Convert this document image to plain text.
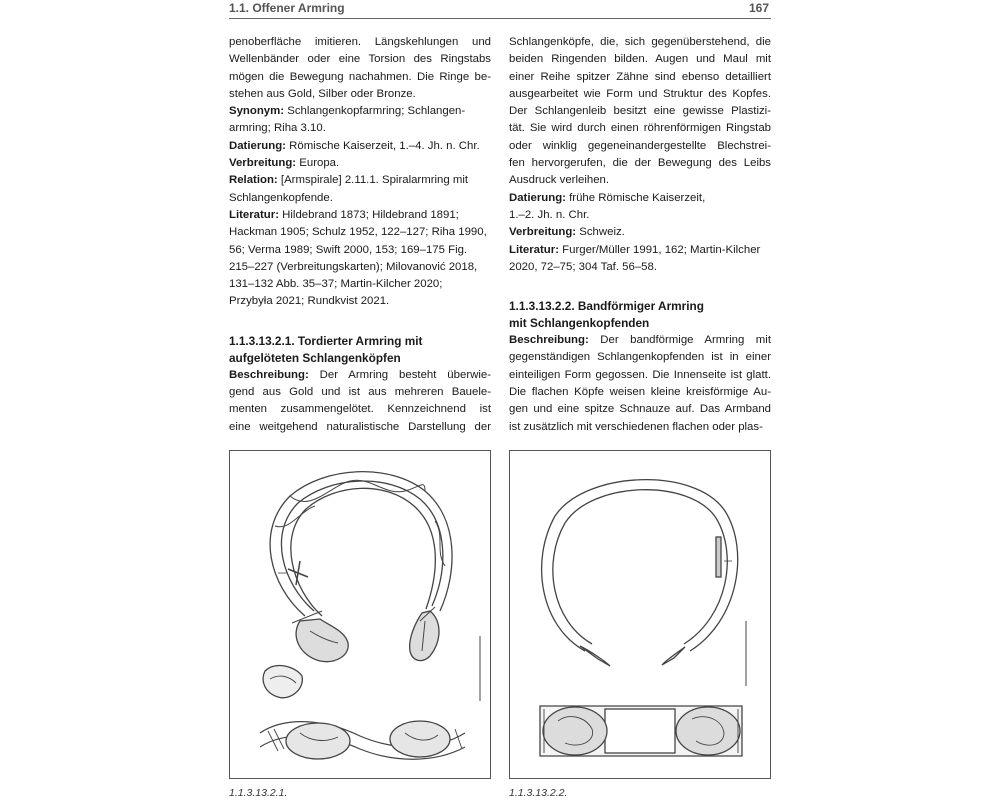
1.1. Offener Armring	167

penoberfläche imitieren. Längskehlungen und

Wellenbänder oder eine Torsion des Ringstabs

mögen die Bewegung nachahmen. Die Ringe be-

stehen aus Gold, Silber oder Bronze.

Synonym: Schlangenkopfarmring; Schlangen-

armring; Riha 3.10.

Datierung: Römische Kaiserzeit, 1.–4. Jh. n. Chr.

Verbreitung: Europa.

Relation: [Armspirale] 2.11.1. Spiralarmring mit

Schlangenkopfende.

Literatur: Hildebrand 1873; Hildebrand 1891;

Hackman 1905; Schulz 1952, 122–127; Riha 1990,

56; Verma 1989; Swift 2000, 153; 169–175 Fig.

215–227 (Verbreitungskarten); Milovanović 2018,

131–132 Abb. 35–37; Martin-Kilcher 2020;

Przybyła 2021; Rundkvist 2021.

1.1.3.13.2.1. Tordierter Armring mit

aufgelöteten Schlangenköpfen

Beschreibung: Der Armring besteht überwie-

gend aus Gold und ist aus mehreren Bauele-

menten zusammengelötet. Kennzeichnend ist

eine weitgehend naturalistische Darstellung der

Schlangenköpfe, die, sich gegenüberstehend, die

beiden Ringenden bilden. Augen und Maul mit

einer Reihe spitzer Zähne sind ebenso detailliert

ausgearbeitet wie Form und Struktur des Kopfes.

Der Schlangenleib besitzt eine gewisse Plastizi-

tät. Sie wird durch einen röhrenförmigen Ringstab

oder winklig gegeneinandergestellte Blechstrei-

fen hervorgerufen, die der Bewegung des Leibs

Ausdruck verleihen.

Datierung: frühe Römische Kaiserzeit,

1.–2. Jh. n. Chr.

Verbreitung: Schweiz.

Literatur: Furger/Müller 1991, 162; Martin-Kilcher

2020, 72–75; 304 Taf. 56–58.

1.1.3.13.2.2. Bandförmiger Armring

mit Schlangenkopfenden

Beschreibung: Der bandförmige Armring mit

gegenständigen Schlangenkopfenden ist in einer

einteiligen Form gegossen. Die Innenseite ist glatt.

Die flachen Köpfe weisen kleine kreisförmige Au-

gen und eine spitze Schnauze auf. Das Armband

ist zusätzlich mit verschiedenen flachen oder plas-

1.1.3.13.2.1.	1.1.3.13.2.2.
